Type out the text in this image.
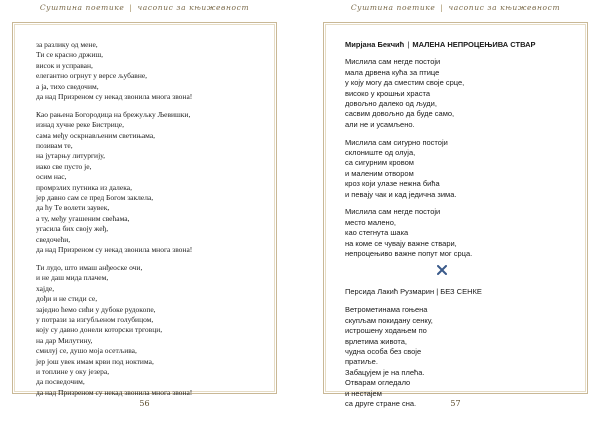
Суштина поетике | часопис за књижевност
за разлику од мене,
Ти се красно држиш,
висок и усправан,
елегантно огрнут у версе љубавне,
а ја, тихо сведочим,
да над Призреном су некад звонила многа звона!
Као рањена Богородица на брежуљку Љевишки,
изнад хучне реке Бистрице,
сама међу оскрнављеним светињама,
позивам те,
на јутарњу литургију,
иако све пусто је,
осим нас,
промрзлих путника из далека,
јер давно сам се пред Богом заклела,
да ћу Те волети заувек,
а ту, међу угашеним свећама,
угасила бих своју жеђ,
сведочећи,
да над Призреном су некад звонила многа звона!
Ти лудо, што имаш анђеоске очи,
и не даш мида плачем,
хајде,
дођи и не стиди се,
заједно ћемо сићи у дубоке рудокопе,
у потрази за изгубљеном голубицом,
коју су давно донели которски трговци,
на дар Милутину,
смилуј се, душо моја осетљива,
јер још увек имам крви под ноктима,
и топлине у оку језера,
да посведочим,
да над Призреном су некад звонила многа звона!
56
Суштина поетике | часопис за књижевност
Мирјана Бекчић | МАЛЕНА НЕПРОЦЕЊИВА СТВАР
Мислила сам негде постоји
мала дрвена кућа за птице
у коју могу да сместим своје срце,
високо у крошњи храста
довољно далеко од људи,
сасвим довољно да буде само,
али не и усамљено.
Мислила сам сигурно постоји
склониште од олуја,
са сигурним кровом
и маленим отвором
кроз који улазе нежна бића
и певају чак и кад једична зима.
Мислила сам негде постоји
место малено,
као стегнута шака
на коме се чувају важне ствари,
непроцењиво важне попут мог срца.
Персида Лакић Рузмарин | БЕЗ СЕНКЕ
Ветрометинама гоњена
скупљам покидану сенку,
истрошену ходањем по
врлетима живота,
чудна особа без своје
пратиље.
Забацујем је на плећа.
Отварам огледало
и нестајем
са друге стране сна.	57
